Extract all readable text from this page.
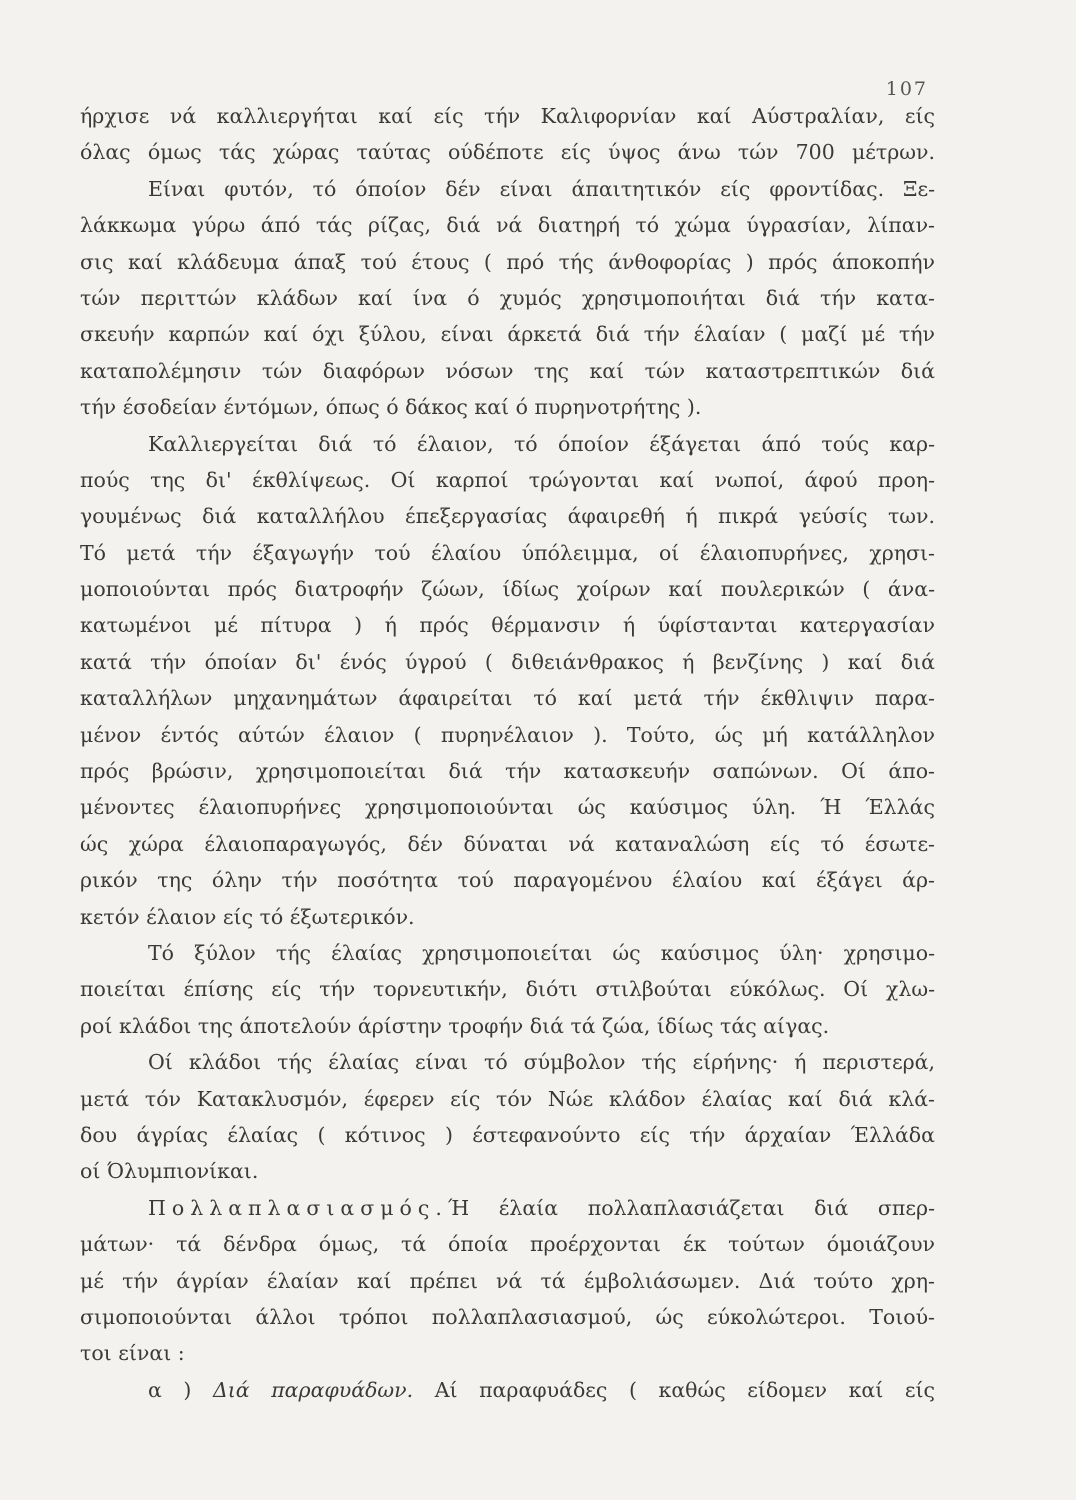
107
ήρχισε νά καλλιεργήται καί είς τήν Καλιφορνίαν καί Αύστραλίαν, είς
όλας όμως τάς χώρας ταύτας ούδέποτε είς ύψος άνω τών 700 μέτρων.
Είναι φυτόν, τό όποίον δέν είναι άπαιτητικόν είς φροντίδας. Ξε-
λάκκωμα γύρω άπό τάς ρίζας, διά νά διατηρή τό χώμα ύγρασίαν, λίπαν-
σις καί κλάδευμα άπαξ τού έτους ( πρό τής άνθοφορίας ) πρός άποκοπήν
τών περιττών κλάδων καί ίνα ό χυμός χρησιμοποιήται διά τήν κατα-
σκευήν καρπών καί όχι ξύλου, είναι άρκετά διά τήν έλαίαν ( μαζί μέ τήν
καταπολέμησιν τών διαφόρων νόσων της καί τών καταστρεπτικών διά
τήν έσοδείαν έντόμων, όπως ό δάκος καί ό πυρηνοτρήτης ).
Καλλιεργείται διά τό έλαιον, τό όποίον έξάγεται άπό τούς καρ-
πούς της δι' έκθλίψεως. Οί καρποί τρώγονται καί νωποί, άφού προη-
γουμένως διά καταλλήλου έπεξεργασίας άφαιρεθή ή πικρά γεύσίς των.
Τό μετά τήν έξαγωγήν τού έλαίου ύπόλειμμα, οί έλαιοπυρήνες, χρησι-
μοποιούνται πρός διατροφήν ζώων, ίδίως χοίρων καί πουλερικών ( άνα-
κατωμένοι μέ πίτυρα ) ή πρός θέρμανσιν ή ύφίστανται κατεργασίαν
κατά τήν όποίαν δι' ένός ύγρού ( διθειάνθρακος ή βενζίνης ) καί διά
καταλλήλων μηχανημάτων άφαιρείται τό καί μετά τήν έκθλιψιν παρα-
μένον έντός αύτών έλαιον ( πυρηνέλαιον ). Τούτο, ώς μή κατάλληλον
πρός βρώσιν, χρησιμοποιείται διά τήν κατασκευήν σαπώνων. Οί άπο-
μένοντες έλαιοπυρήνες χρησιμοποιούνται ώς καύσιμος ύλη. Ή Έλλάς
ώς χώρα έλαιοπαραγωγός, δέν δύναται νά καταναλώση είς τό έσωτε-
ρικόν της όλην τήν ποσότητα τού παραγομένου έλαίου καί έξάγει άρ-
κετόν έλαιον είς τό έξωτερικόν.
Τό ξύλον τής έλαίας χρησιμοποιείται ώς καύσιμος ύλη· χρησιμο-
ποιείται έπίσης είς τήν τορνευτικήν, διότι στιλβούται εύκόλως. Οί χλω-
ροί κλάδοι της άποτελούν άρίστην τροφήν διά τά ζώα, ίδίως τάς αίγας.
Οί κλάδοι τής έλαίας είναι τό σύμβολον τής είρήνης· ή περιστερά,
μετά τόν Κατακλυσμόν, έφερεν είς τόν Νώε κλάδον έλαίας καί διά κλά-
δου άγρίας έλαίας ( κότινος ) έστεφανούντο είς τήν άρχαίαν Έλλάδα
οί Όλυμπιονίκαι.
Πολλαπλασιασμός.Ή έλαία πολλαπλασιάζεται διά σπερ-
μάτων· τά δένδρα όμως, τά όποία προέρχονται έκ τούτων όμοιάζουν
μέ τήν άγρίαν έλαίαν καί πρέπει νά τά έμβολιάσωμεν. Διά τούτο χρη-
σιμοποιούνται άλλοι τρόποι πολλαπλασιασμού, ώς εύκολώτεροι. Τοιού-
τοι είναι :
α ) Διά παραφυάδων. Αί παραφυάδες ( καθώς είδομεν καί είς
